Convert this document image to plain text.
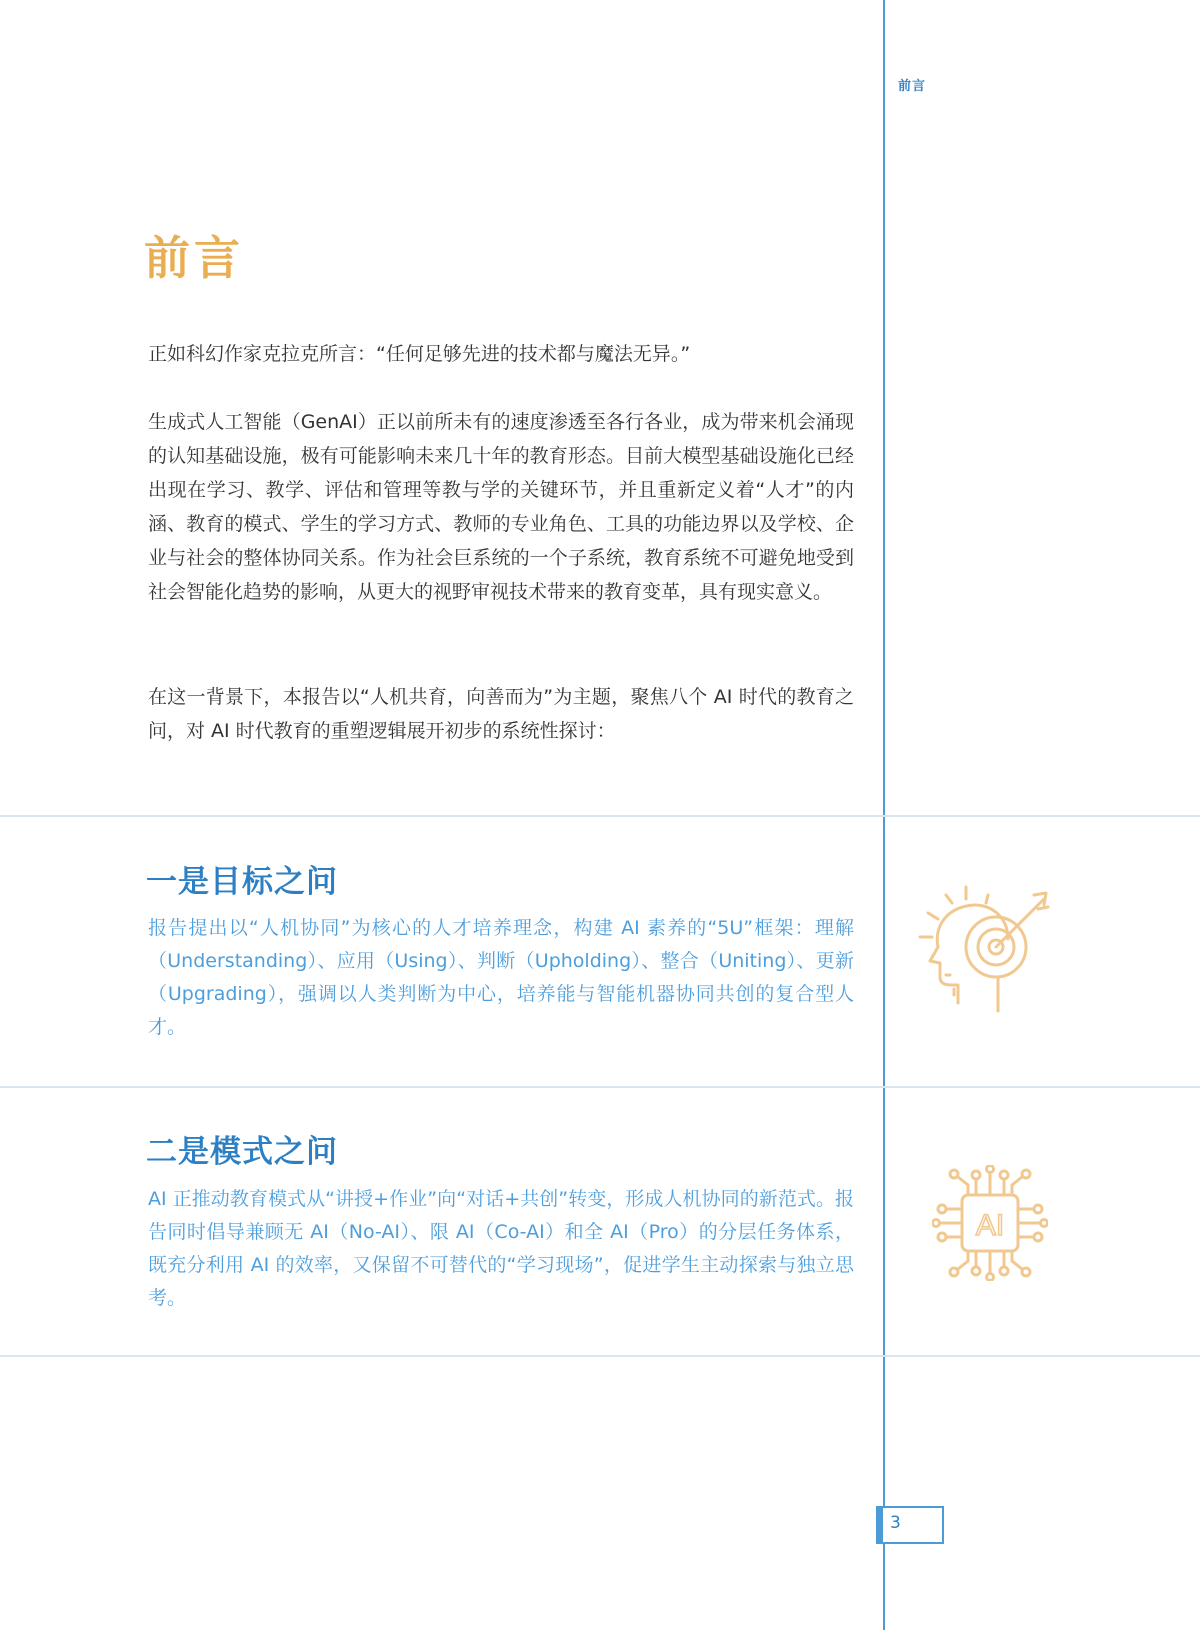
前言
前言

正如科幻作家克拉克所言：“任何足够先进的技术都与魔法无异。”

生成式人工智能（GenAI）正以前所未有的速度渗透至各行各业，成为带来机会涌现的认知基础设施，极有可能影响未来几十年的教育形态。目前大模型基础设施化已经出现在学习、教学、评估和管理等教与学的关键环节，并且重新定义着“人才”的内涵、教育的模式、学生的学习方式、教师的专业角色、工具的功能边界以及学校、企业与社会的整体协同关系。作为社会巨系统的一个子系统，教育系统不可避免地受到社会智能化趋势的影响，从更大的视野审视技术带来的教育变革，具有现实意义。

在这一背景下，本报告以“人机共育，向善而为”为主题，聚焦八个 AI 时代的教育之问，对 AI 时代教育的重塑逻辑展开初步的系统性探讨：

一是目标之问

报告提出以“人机协同”为核心的人才培养理念，构建 AI 素养的“5U”框架：理解（Understanding）、应用（Using）、判断（Upholding）、整合（Uniting）、更新（Upgrading），强调以人类判断为中心，培养能与智能机器协同共创的复合型人才。

二是模式之问

AI 正推动教育模式从“讲授+作业”向“对话+共创”转变，形成人机协同的新范式。报告同时倡导兼顾无 AI（No-AI）、限 AI（Co-AI）和全 AI（Pro）的分层任务体系，既充分利用 AI 的效率，又保留不可替代的“学习现场”，促进学生主动探索与独立思考。

AI
3
